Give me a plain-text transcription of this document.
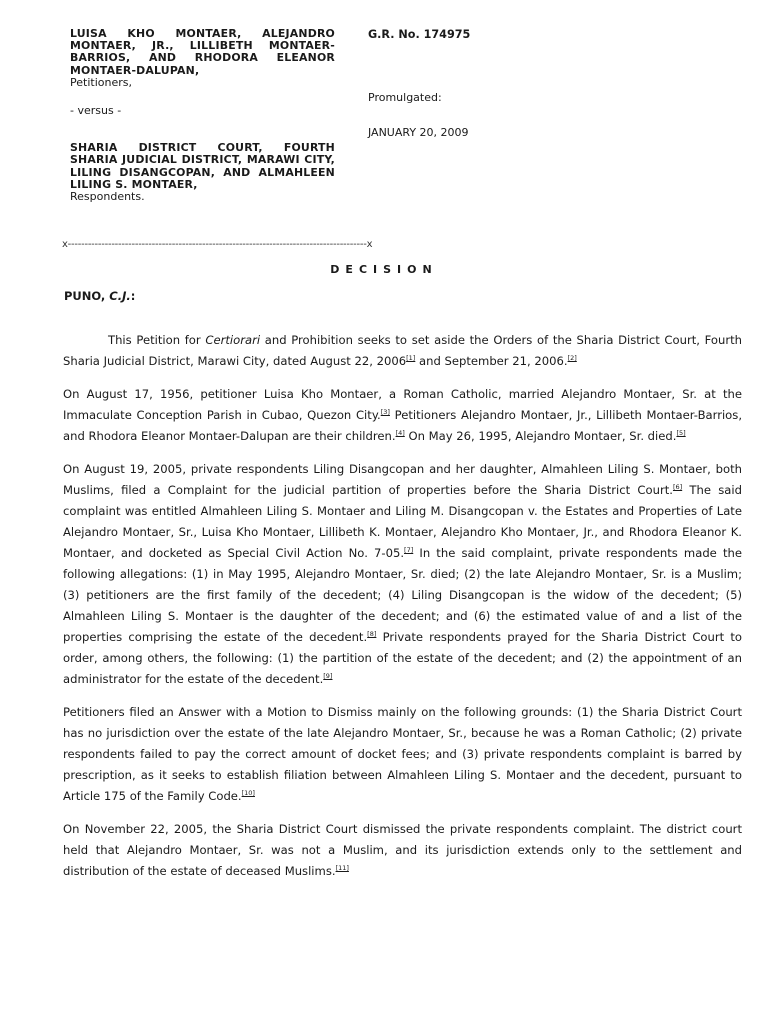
LUISA KHO MONTAER, ALEJANDRO MONTAER, JR., LILLIBETH MONTAER-BARRIOS, AND RHODORA ELEANOR MONTAER-DALUPAN,

Petitioners,

- versus -

SHARIA DISTRICT COURT, FOURTH SHARIA JUDICIAL DISTRICT, MARAWI CITY, LILING DISANGCOPAN, AND ALMAHLEEN LILING S. MONTAER,

Respondents.

G.R. No. 174975
Promulgated:
JANUARY 20, 2009
x-----------------------------------------------------------------------------------------x
DECISION
PUNO, C.J.:

This Petition for Certiorari and Prohibition seeks to set aside the Orders of the Sharia District Court, Fourth Sharia Judicial District, Marawi City, dated August 22, 2006[1] and September 21, 2006.[2]

On August 17, 1956, petitioner Luisa Kho Montaer, a Roman Catholic, married Alejandro Montaer, Sr. at the Immaculate Conception Parish in Cubao, Quezon City.[3] Petitioners Alejandro Montaer, Jr., Lillibeth Montaer-Barrios, and Rhodora Eleanor Montaer-Dalupan are their children.[4] On May 26, 1995, Alejandro Montaer, Sr. died.[5]

On August 19, 2005, private respondents Liling Disangcopan and her daughter, Almahleen Liling S. Montaer, both Muslims, filed a Complaint for the judicial partition of properties before the Sharia District Court.[6] The said complaint was entitled Almahleen Liling S. Montaer and Liling M. Disangcopan v. the Estates and Properties of Late Alejandro Montaer, Sr., Luisa Kho Montaer, Lillibeth K. Montaer, Alejandro Kho Montaer, Jr., and Rhodora Eleanor K. Montaer, and docketed as Special Civil Action No. 7-05.[7] In the said complaint, private respondents made the following allegations: (1) in May 1995, Alejandro Montaer, Sr. died; (2) the late Alejandro Montaer, Sr. is a Muslim; (3) petitioners are the first family of the decedent; (4) Liling Disangcopan is the widow of the decedent; (5) Almahleen Liling S. Montaer is the daughter of the decedent; and (6) the estimated value of and a list of the properties comprising the estate of the decedent.[8] Private respondents prayed for the Sharia District Court to order, among others, the following: (1) the partition of the estate of the decedent; and (2) the appointment of an administrator for the estate of the decedent.[9]

Petitioners filed an Answer with a Motion to Dismiss mainly on the following grounds: (1) the Sharia District Court has no jurisdiction over the estate of the late Alejandro Montaer, Sr., because he was a Roman Catholic; (2) private respondents failed to pay the correct amount of docket fees; and (3) private respondents complaint is barred by prescription, as it seeks to establish filiation between Almahleen Liling S. Montaer and the decedent, pursuant to Article 175 of the Family Code.[10]

On November 22, 2005, the Sharia District Court dismissed the private respondents complaint. The district court held that Alejandro Montaer, Sr. was not a Muslim, and its jurisdiction extends only to the settlement and distribution of the estate of deceased Muslims.[11]
